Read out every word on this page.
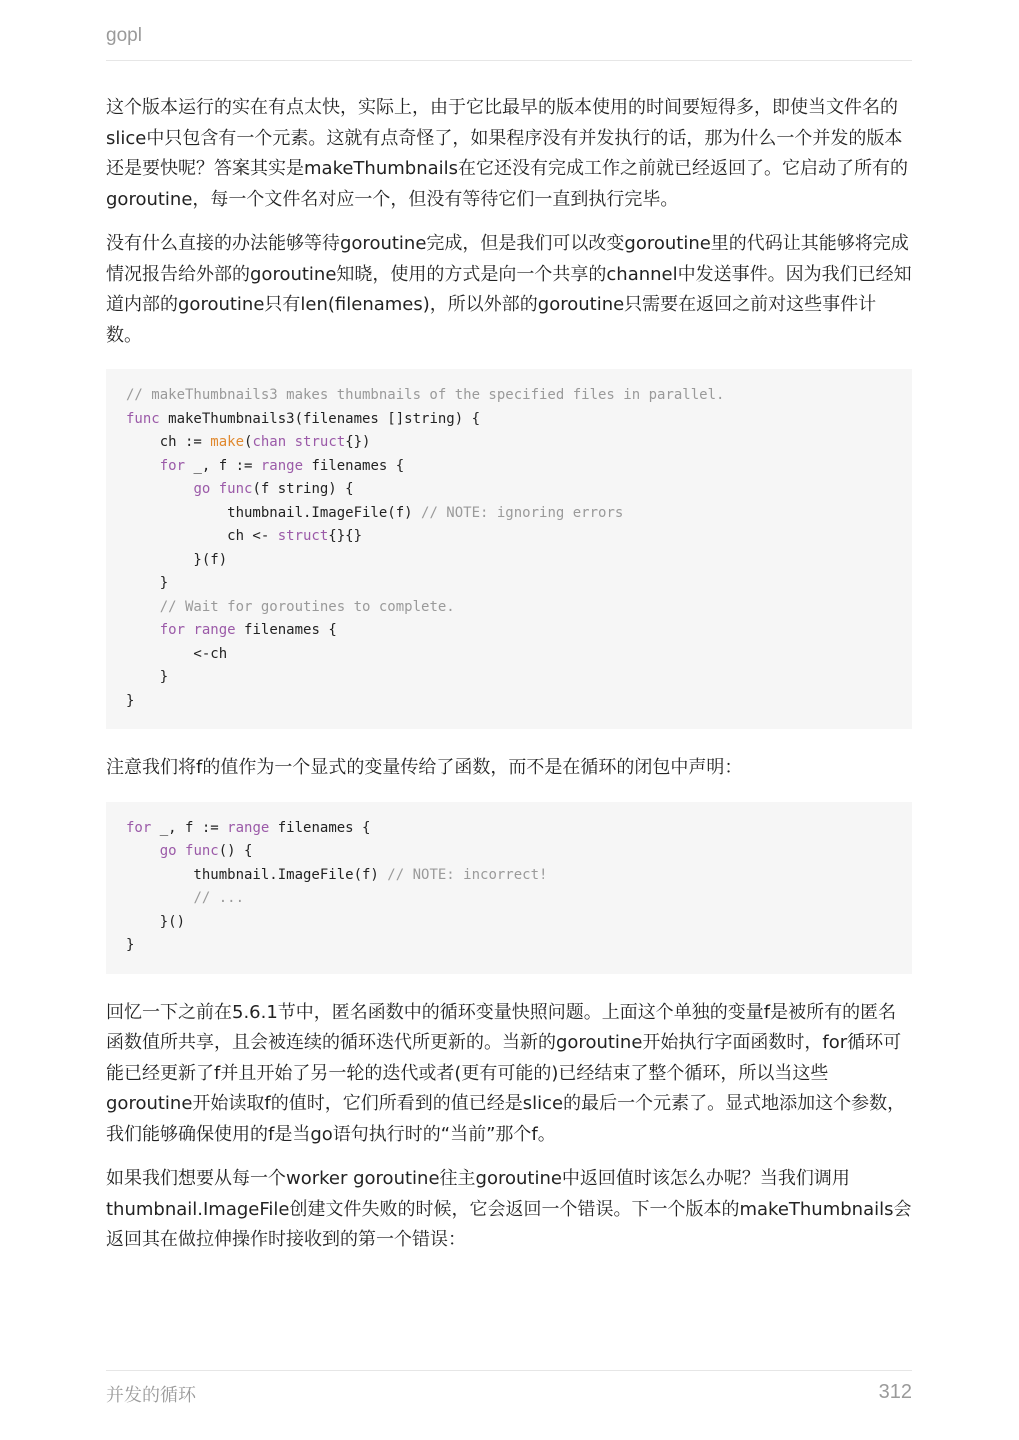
gopl

这个版本运行的实在有点太快，实际上，由于它比最早的版本使用的时间要短得多，即使当文件名的slice中只包含有一个元素。这就有点奇怪了，如果程序没有并发执行的话，那为什么一个并发的版本还是要快呢？答案其实是makeThumbnails在它还没有完成工作之前就已经返回了。它启动了所有的goroutine，每一个文件名对应一个，但没有等待它们一直到执行完毕。

没有什么直接的办法能够等待goroutine完成，但是我们可以改变goroutine里的代码让其能够将完成情况报告给外部的goroutine知晓，使用的方式是向一个共享的channel中发送事件。因为我们已经知道内部的goroutine只有len(filenames)，所以外部的goroutine只需要在返回之前对这些事件计数。

// makeThumbnails3 makes thumbnails of the specified files in parallel.
func makeThumbnails3(filenames []string) {
ch := make(chan struct{})
for _, f := range filenames {
go func(f string) {
thumbnail.ImageFile(f) // NOTE: ignoring errors
ch <- struct{}{}
}(f)
}
// Wait for goroutines to complete.
for range filenames {
<-ch
}
}

注意我们将f的值作为一个显式的变量传给了函数，而不是在循环的闭包中声明：

for _, f := range filenames {
go func() {
thumbnail.ImageFile(f) // NOTE: incorrect!
// ...
}()
}

回忆一下之前在5.6.1节中，匿名函数中的循环变量快照问题。上面这个单独的变量f是被所有的匿名函数值所共享，且会被连续的循环迭代所更新的。当新的goroutine开始执行字面函数时，for循环可能已经更新了f并且开始了另一轮的迭代或者(更有可能的)已经结束了整个循环，所以当这些goroutine开始读取f的值时，它们所看到的值已经是slice的最后一个元素了。显式地添加这个参数，我们能够确保使用的f是当go语句执行时的“当前”那个f。

如果我们想要从每一个worker goroutine往主goroutine中返回值时该怎么办呢？当我们调用thumbnail.ImageFile创建文件失败的时候，它会返回一个错误。下一个版本的makeThumbnails会返回其在做拉伸操作时接收到的第一个错误：

并发的循环	312
